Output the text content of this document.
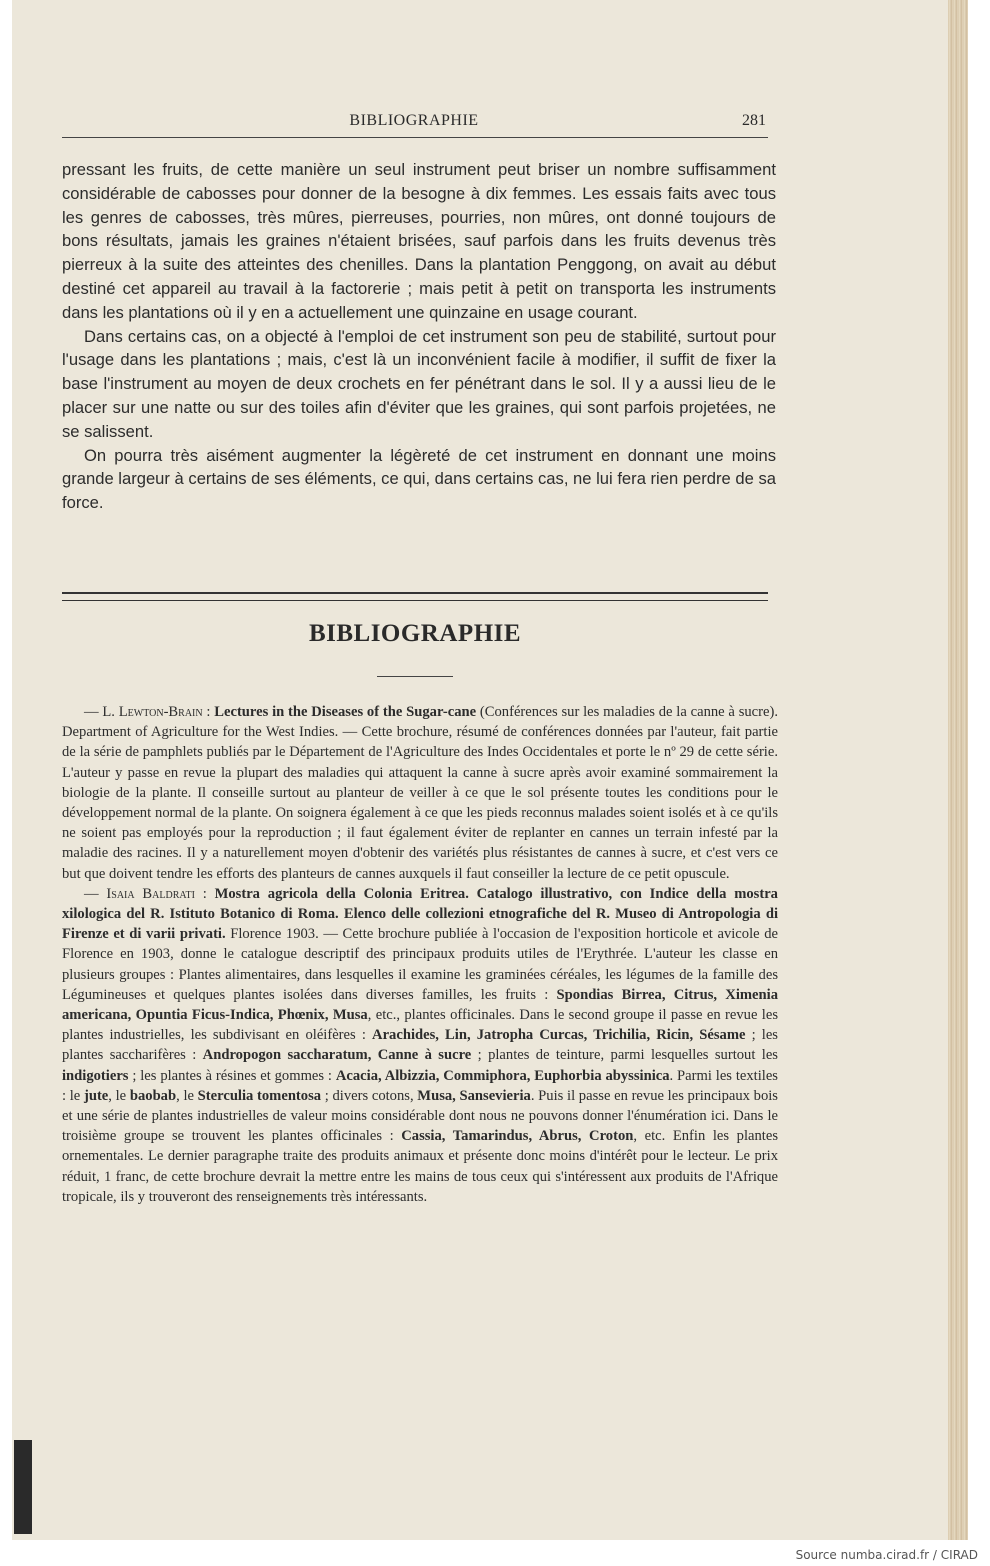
BIBLIOGRAPHIE	281

pressant les fruits, de cette manière un seul instrument peut briser un nombre suffisamment considérable de cabosses pour donner de la besogne à dix femmes. Les essais faits avec tous les genres de cabosses, très mûres, pierreuses, pourries, non mûres, ont donné toujours de bons résultats, jamais les graines n'étaient brisées, sauf parfois dans les fruits devenus très pierreux à la suite des atteintes des chenilles. Dans la plantation Penggong, on avait au début destiné cet appareil au travail à la factorerie ; mais petit à petit on transporta les instruments dans les plantations où il y en a actuellement une quinzaine en usage courant.

Dans certains cas, on a objecté à l'emploi de cet instrument son peu de stabilité, surtout pour l'usage dans les plantations ; mais, c'est là un inconvénient facile à modifier, il suffit de fixer la base l'instrument au moyen de deux crochets en fer pénétrant dans le sol. Il y a aussi lieu de le placer sur une natte ou sur des toiles afin d'éviter que les graines, qui sont parfois projetées, ne se salissent.

On pourra très aisément augmenter la légèreté de cet instrument en donnant une moins grande largeur à certains de ses éléments, ce qui, dans certains cas, ne lui fera rien perdre de sa force.

BIBLIOGRAPHIE

— L. Lewton-Brain : Lectures in the Diseases of the Sugar-cane (Conférences sur les maladies de la canne à sucre). Department of Agriculture for the West Indies. — Cette brochure, résumé de conférences données par l'auteur, fait partie de la série de pamphlets publiés par le Département de l'Agriculture des Indes Occidentales et porte le nº 29 de cette série. L'auteur y passe en revue la plupart des maladies qui attaquent la canne à sucre après avoir examiné sommairement la biologie de la plante. Il conseille surtout au planteur de veiller à ce que le sol présente toutes les conditions pour le développement normal de la plante. On soignera également à ce que les pieds reconnus malades soient isolés et à ce qu'ils ne soient pas employés pour la reproduction ; il faut également éviter de replanter en cannes un terrain infesté par la maladie des racines. Il y a naturellement moyen d'obtenir des variétés plus résistantes de cannes à sucre, et c'est vers ce but que doivent tendre les efforts des planteurs de cannes auxquels il faut conseiller la lecture de ce petit opuscule.

— Isaia Baldrati : Mostra agricola della Colonia Eritrea. Catalogo illustrativo, con Indice della mostra xilologica del R. Istituto Botanico di Roma. Elenco delle collezioni etnografiche del R. Museo di Antropologia di Firenze et di varii privati. Florence 1903. — Cette brochure publiée à l'occasion de l'exposition horticole et avicole de Florence en 1903, donne le catalogue descriptif des principaux produits utiles de l'Erythrée. L'auteur les classe en plusieurs groupes : Plantes alimentaires, dans lesquelles il examine les graminées céréales, les légumes de la famille des Légumineuses et quelques plantes isolées dans diverses familles, les fruits : Spondias Birrea, Citrus, Ximenia americana, Opuntia Ficus-Indica, Phœnix, Musa, etc., plantes officinales. Dans le second groupe il passe en revue les plantes industrielles, les subdivisant en oléifères : Arachides, Lin, Jatropha Curcas, Trichilia, Ricin, Sésame ; les plantes saccharifères : Andropogon saccharatum, Canne à sucre ; plantes de teinture, parmi lesquelles surtout les indigotiers ; les plantes à résines et gommes : Acacia, Albizzia, Commiphora, Euphorbia abyssinica. Parmi les textiles : le jute, le baobab, le Sterculia tomentosa ; divers cotons, Musa, Sansevieria. Puis il passe en revue les principaux bois et une série de plantes industrielles de valeur moins considérable dont nous ne pouvons donner l'énumération ici. Dans le troisième groupe se trouvent les plantes officinales : Cassia, Tamarindus, Abrus, Croton, etc. Enfin les plantes ornementales. Le dernier paragraphe traite des produits animaux et présente donc moins d'intérêt pour le lecteur. Le prix réduit, 1 franc, de cette brochure devrait la mettre entre les mains de tous ceux qui s'intéressent aux produits de l'Afrique tropicale, ils y trouveront des renseignements très intéressants.

Source numba.cirad.fr / CIRAD
